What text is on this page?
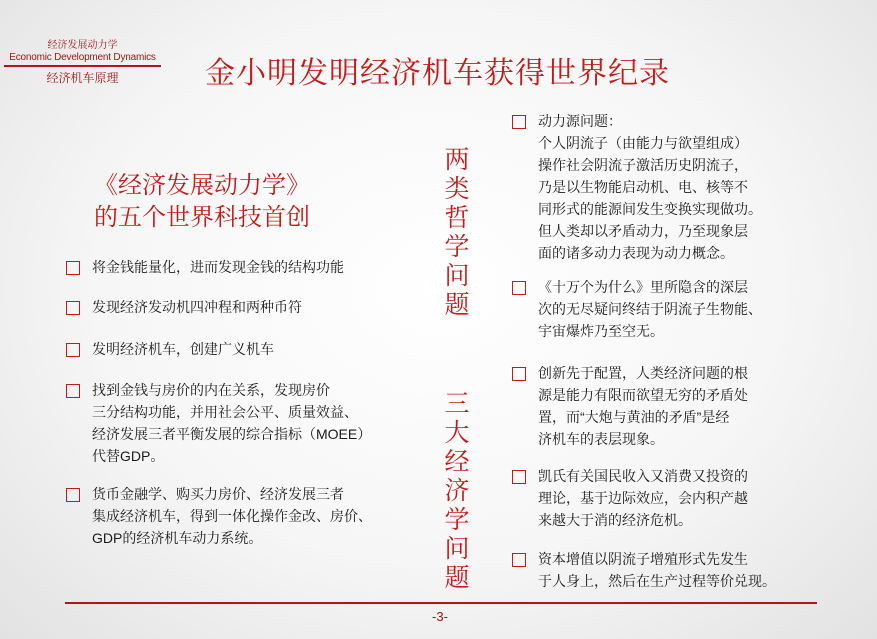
经济发展动力学
Economic Development Dynamics
经济机车原理	金小明发明经济机车获得世界纪录
《经济发展动力学》
的五个世界科技首创
将金钱能量化，进而发现金钱的结构功能
发现经济发动机四冲程和两种币符
发明经济机车，创建广义机车
找到金钱与房价的内在关系，发现房价
三分结构功能，并用社会公平、质量效益、
经济发展三者平衡发展的综合指标（MOEE）
代替GDP。
货币金融学、购买力房价、经济发展三者
集成经济机车，得到一体化操作金改、房价、
GDP的经济机车动力系统。
两类哲学问题
三大经济学问题
动力源问题：
个人阴流子（由能力与欲望组成）
操作社会阴流子激活历史阴流子，
乃是以生物能启动机、电、核等不
同形式的能源间发生变换实现做功。
但人类却以矛盾动力，乃至现象层
面的诸多动力表现为动力概念。
《十万个为什么》里所隐含的深层
次的无尽疑问终结于阴流子生物能、
宇宙爆炸乃至空无。
创新先于配置，人类经济问题的根
源是能力有限而欲望无穷的矛盾处
置，而“大炮与黄油的矛盾”是经
济机车的表层现象。
凯氏有关国民收入又消费又投资的
理论，基于边际效应，会内积产越
来越大于消的经济危机。
资本增值以阴流子增殖形式先发生
于人身上，然后在生产过程等价兑现。
-3-
